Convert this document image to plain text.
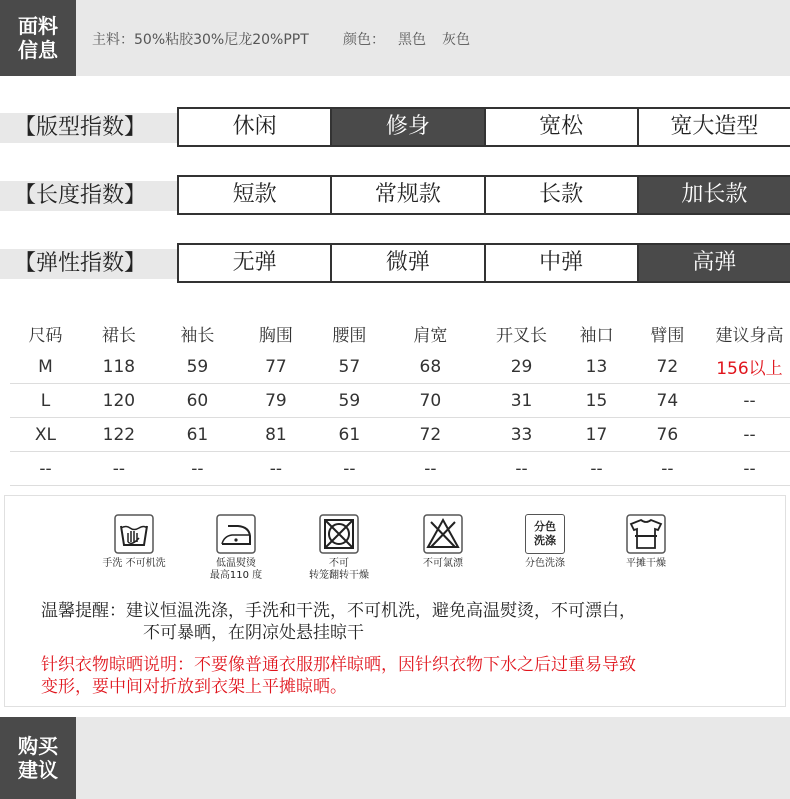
面料
信息 主料：50%粘胶30%尼龙20%PPT 颜色： 黑色 灰色
【版型指数】	休闲	修身	宽松	宽大造型
【长度指数】	短款	常规款	长款	加长款
【弹性指数】	无弹	微弹	中弹	高弹
尺码	裙长	袖长	胸围	腰围	肩宽	开叉长	袖口	臂围	建议身高
M	118	59	77	57	68	29	13	72	156以上
L	120	60	79	59	70	31	15	74	--
XL	122	61	81	61	72	33	17	76	--
--	--	--	--	--	--	--	--	--	--
手洗 不可机洗	低温熨烫
最高110 度
不可
转笼翻转干燥
不可氯漂
分色洗涤
分色洗涤	平摊干燥
温馨提醒：建议恒温洗涤，手洗和干洗，不可机洗，避免高温熨烫，不可漂白，
不可暴晒，在阴凉处悬挂晾干
针织衣物晾晒说明：不要像普通衣服那样晾晒，因针织衣物下水之后过重易导致
变形，要中间对折放到衣架上平摊晾晒。
购买
建议
